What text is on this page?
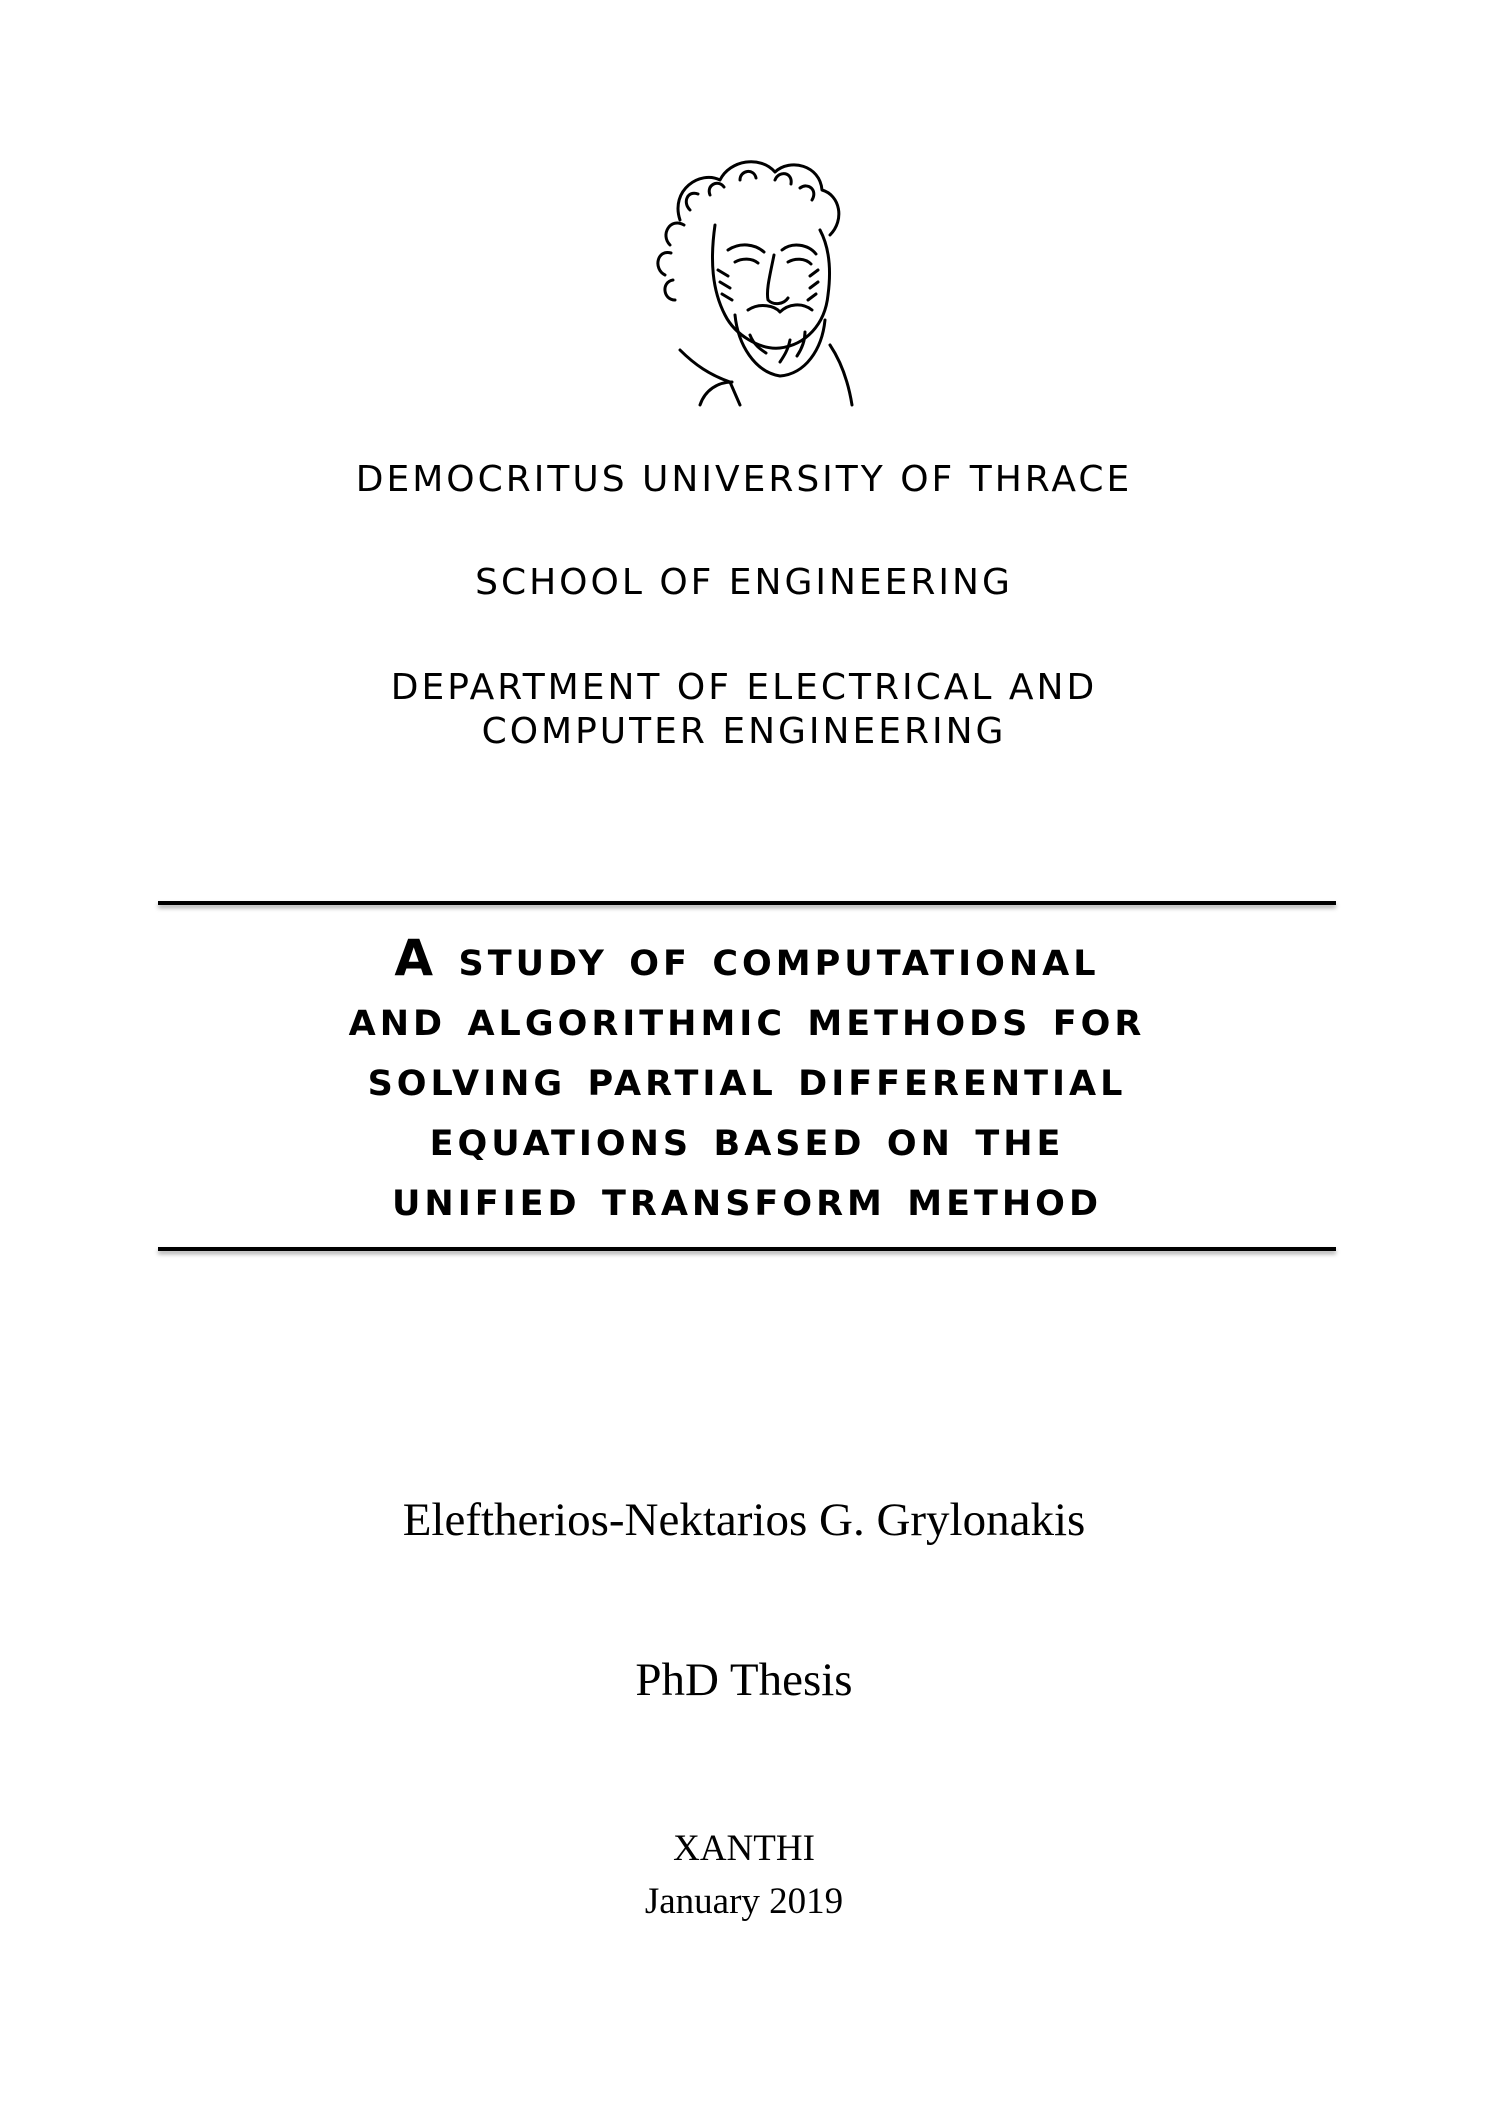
DEMOCRITUS UNIVERSITY OF THRACE
SCHOOL OF ENGINEERING
DEPARTMENT OF ELECTRICAL AND
COMPUTER ENGINEERING
A study of computational
and algorithmic methods for
solving partial differential
equations based on the
unified transform method
Eleftherios-Nektarios G. Grylonakis
PhD Thesis
XANTHI
January 2019
